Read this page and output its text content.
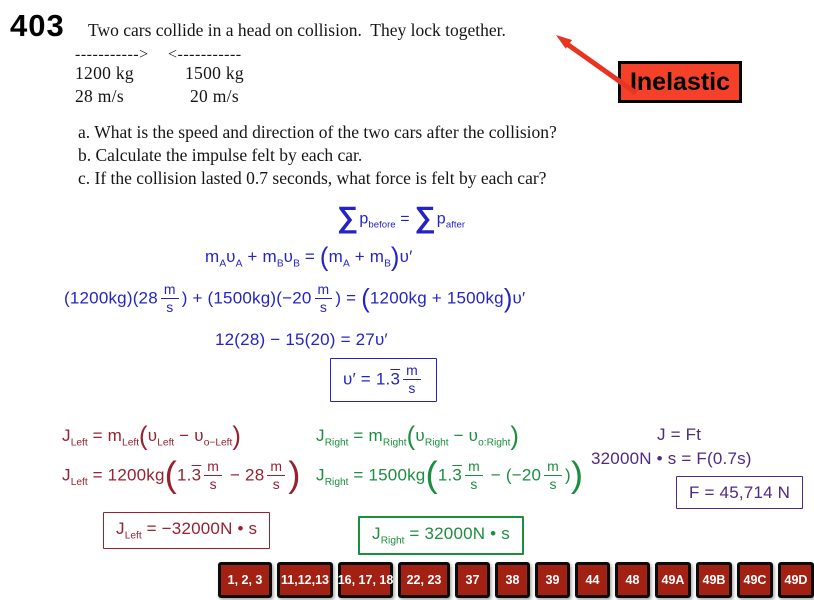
403 Two cars collide in a head on collision.  They lock together.
-----------> <-----------
1200 kg	1500 kg
28 m/s	20 m/s
a. What is the speed and direction of the two cars after the collision?
b. Calculate the impulse felt by each car.
c. If the collision lasted 0.7 seconds, what force is felt by each car?
Inelastic
$\sum p_{before} = \sum p_{after}$
$m_A\upsilon_A + m_B\upsilon_B = (m_A + m_B)\upsilon'$
$(1200kg)(28 \frac{m}{s}$ ) + $(1500kg)(-20 \frac{m}{s}$ ) = (1200kg + 1500kg)υ′
12(28) − 15(20) = 27υ′
$\upsilon' = 1.3 \frac{m}{s}$
$J_{Left} = m_{Left}(\upsilon_{Left} - \upsilon_{o-Left})$
$J_{Left} = 1200kg(1.3 \frac{m}{s} - 28 \frac{m}{s}$ )
$J_{Left} = -32000N$ • s
$J_{Right} = m_{Right}(\upsilon_{Right} - \upsilon_{o:Right})$
$J_{Right} = 1500kg(1.3 \frac{m}{s} - (-20 \frac{m}{s}$ ))
$J_{Right} = 32000N$ • s
J = Ft
32000N • s = F(0.7s)
F = 45,714 N
1, 2, 3	11,12,13 16, 17, 18	22, 23	37	38	39	44	48	49A	49B	49C	49D
